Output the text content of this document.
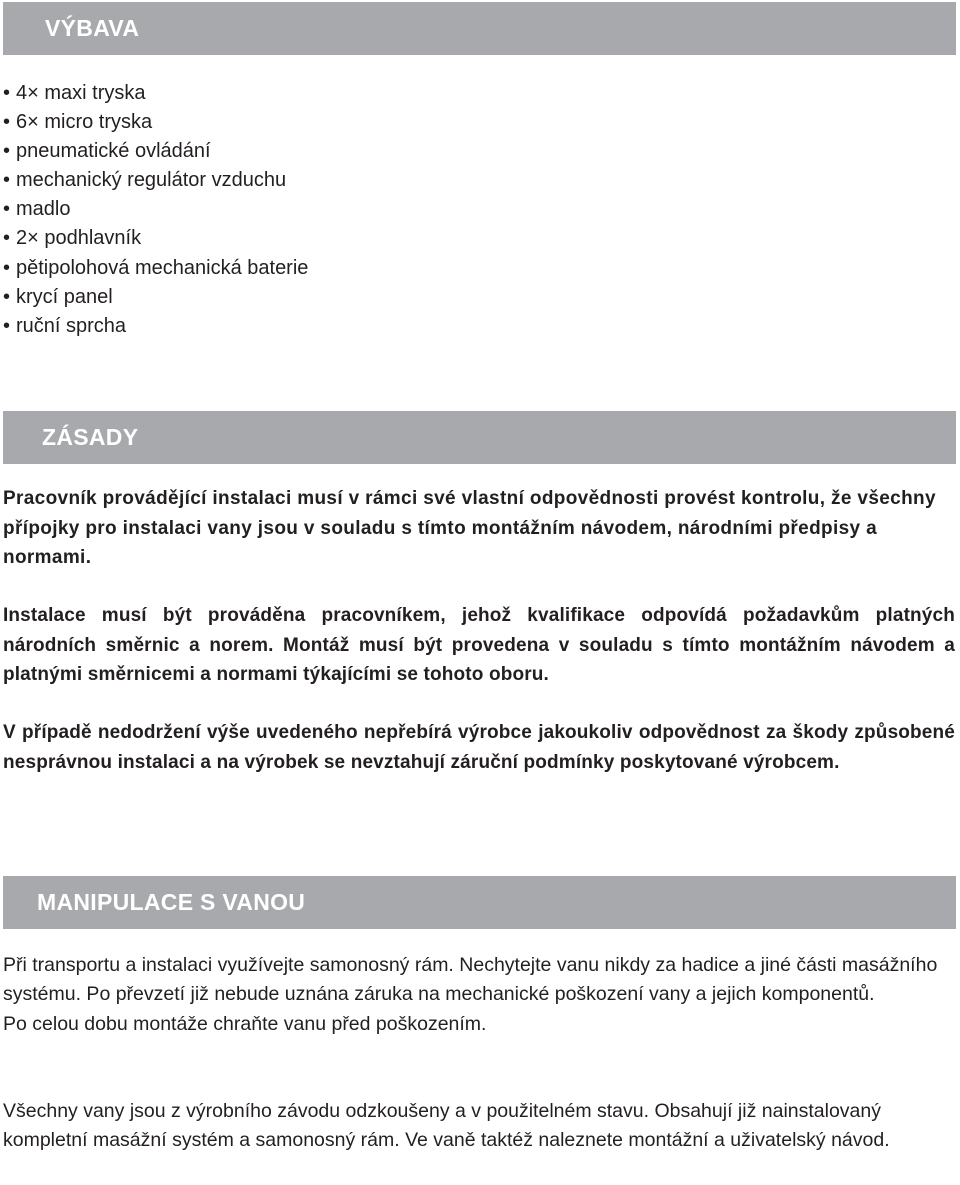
VÝBAVA
• 4× maxi tryska
• 6× micro tryska
• pneumatické ovládání
• mechanický regulátor vzduchu
• madlo
• 2× podhlavník
• pětipolohová mechanická baterie
• krycí panel
• ruční sprcha
ZÁSADY

Pracovník provádějící instalaci musí v rámci své vlastní odpovědnosti provést kontrolu, že všechny přípojky pro instalaci vany jsou v souladu s tímto montážním návodem, národními předpisy a normami.

Instalace musí být prováděna pracovníkem, jehož kvalifikace odpovídá požadavkům platných národních směrnic a norem. Montáž musí být provedena v souladu s tímto montážním návodem a platnými směrnicemi a normami týkajícími se tohoto oboru.

V případě nedodržení výše uvedeného nepřebírá výrobce jakoukoliv odpovědnost za škody způsobené nesprávnou instalaci a na výrobek se nevztahují záruční podmínky poskytované výrobcem.

MANIPULACE S VANOU
Při transportu a instalaci využívejte samonosný rám. Nechytejte vanu nikdy za hadice a jiné části masážního systému. Po převzetí již nebude uznána záruka na mechanické poškození vany a jejich komponentů.
Po celou dobu montáže chraňte vanu před poškozením.

Všechny vany jsou z výrobního závodu odzkoušeny a v použitelném stavu. Obsahují již nainstalovaný kompletní masážní systém a samonosný rám. Ve vaně taktéž naleznete montážní a uživatelský návod.
